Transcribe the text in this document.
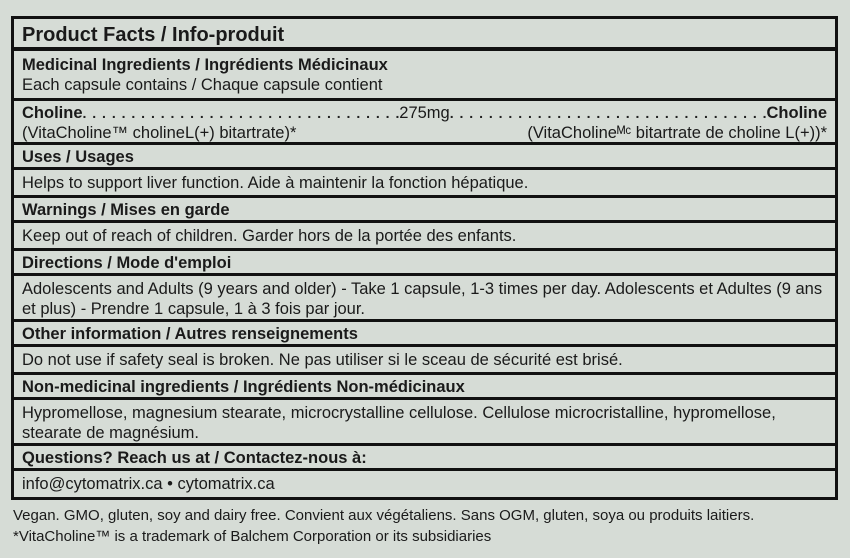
Product Facts / Info-produit
Medicinal Ingredients / Ingrédients Médicinaux
Each capsule contains / Chaque capsule contient
Choline . . .	275mg . . .	Choline
(VitaCholine™ cholineL(+) bitartrate)*	(VitaCholineᴹᶜ bitartrate de choline L(+))*
Uses / Usages
Helps to support liver function. Aide à maintenir la fonction hépatique.
Warnings / Mises en garde
Keep out of reach of children. Garder hors de la portée des enfants.
Directions / Mode d'emploi
Adolescents and Adults (9 years and older) - Take 1 capsule, 1-3 times per day. Adolescents et Adultes (9 ans et plus) - Prendre 1 capsule, 1 à 3 fois par jour.
Other information / Autres renseignements
Do not use if safety seal is broken. Ne pas utiliser si le sceau de sécurité est brisé.
Non-medicinal ingredients / Ingrédients Non-médicinaux
Hypromellose, magnesium stearate, microcrystalline cellulose. Cellulose microcristalline, hypromellose, stearate de magnésium.
Questions? Reach us at / Contactez-nous à:
info@cytomatrix.ca • cytomatrix.ca
Vegan. GMO, gluten, soy and dairy free. Convient aux végétaliens. Sans OGM, gluten, soya ou produits laitiers.
*VitaCholine™ is a trademark of Balchem Corporation or its subsidiaries
